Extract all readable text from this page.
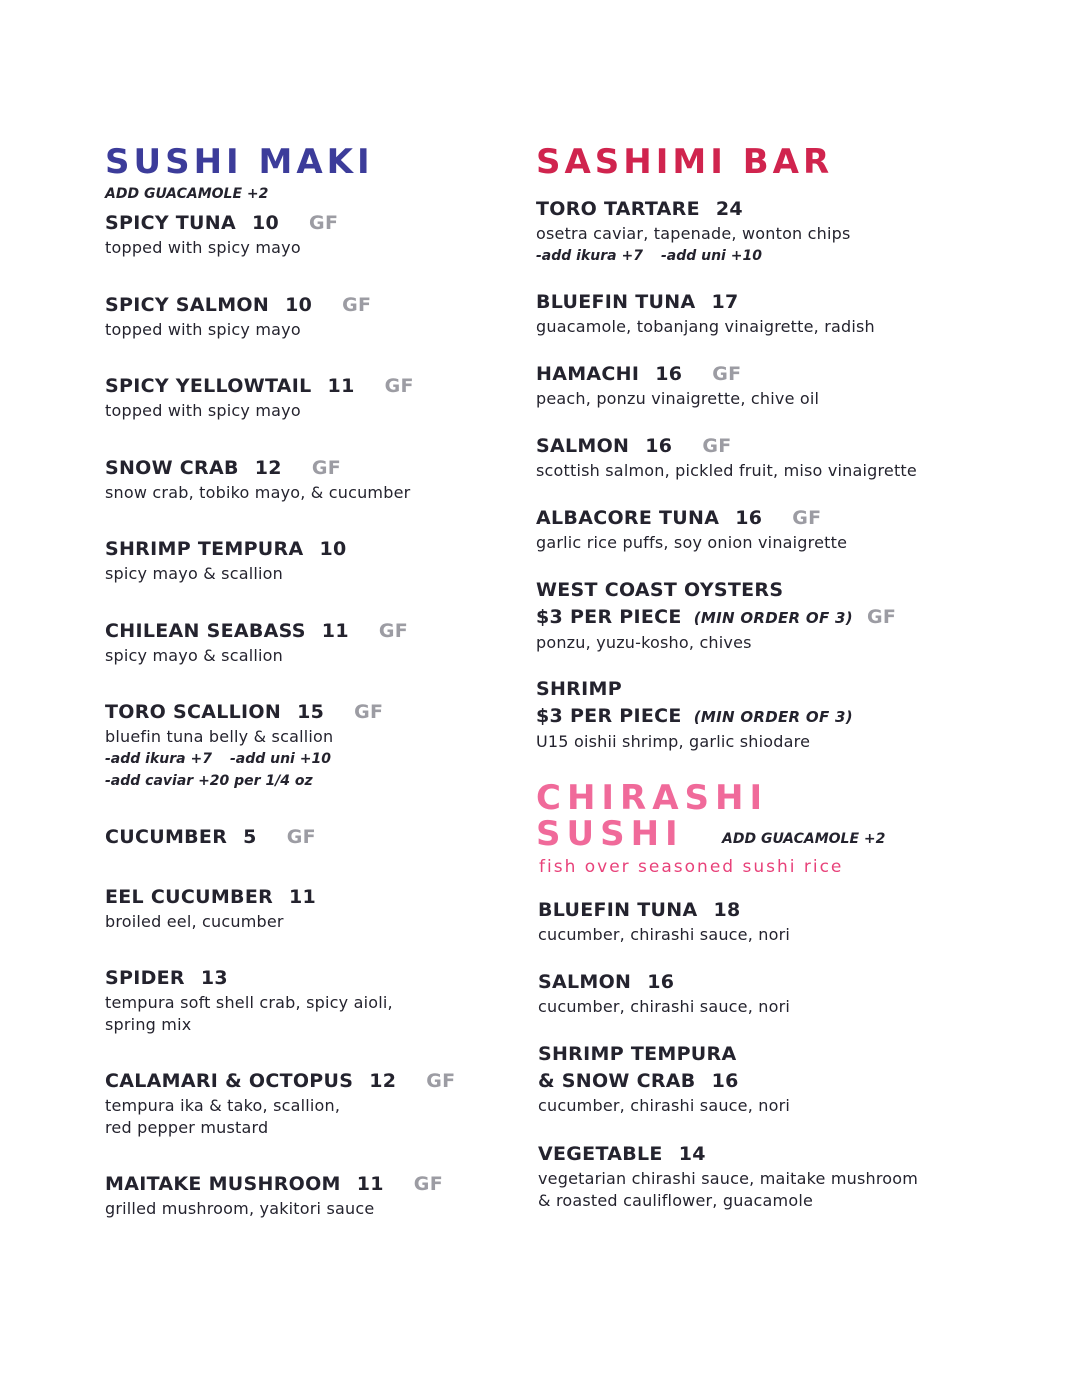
SUSHI MAKI
ADD GUACAMOLE +2
SPICY TUNA 10 GF
topped with spicy mayo
SPICY SALMON 10 GF
topped with spicy mayo
SPICY YELLOWTAIL 11 GF
topped with spicy mayo
SNOW CRAB 12 GF
snow crab, tobiko mayo, & cucumber
SHRIMP TEMPURA 10
spicy mayo & scallion
CHILEAN SEABASS 11 GF
spicy mayo & scallion
TORO SCALLION 15 GF
bluefin tuna belly & scallion
-add ikura +7 -add uni +10
-add caviar +20 per 1/4 oz
CUCUMBER 5 GF
EEL CUCUMBER 11
broiled eel, cucumber
SPIDER 13
tempura soft shell crab, spicy aioli,
spring mix
CALAMARI & OCTOPUS 12 GF
tempura ika & tako, scallion,
red pepper mustard
MAITAKE MUSHROOM 11 GF
grilled mushroom, yakitori sauce
SASHIMI BAR
TORO TARTARE 24
osetra caviar, tapenade, wonton chips
-add ikura +7 -add uni +10
BLUEFIN TUNA 17
guacamole, tobanjang vinaigrette, radish
HAMACHI 16 GF
peach, ponzu vinaigrette, chive oil
SALMON 16 GF
scottish salmon, pickled fruit, miso vinaigrette
ALBACORE TUNA 16 GF
garlic rice puffs, soy onion vinaigrette
WEST COAST OYSTERS
$3 PER PIECE (MIN ORDER OF 3) GF
ponzu, yuzu-kosho, chives
SHRIMP
$3 PER PIECE (MIN ORDER OF 3)
U15 oishii shrimp, garlic shiodare
CHIRASHI
SUSHI	ADD GUACAMOLE +2
fish over seasoned sushi rice
BLUEFIN TUNA 18
cucumber, chirashi sauce, nori
SALMON 16
cucumber, chirashi sauce, nori
SHRIMP TEMPURA
& SNOW CRAB 16
cucumber, chirashi sauce, nori
VEGETABLE 14
vegetarian chirashi sauce, maitake mushroom
& roasted cauliflower, guacamole
